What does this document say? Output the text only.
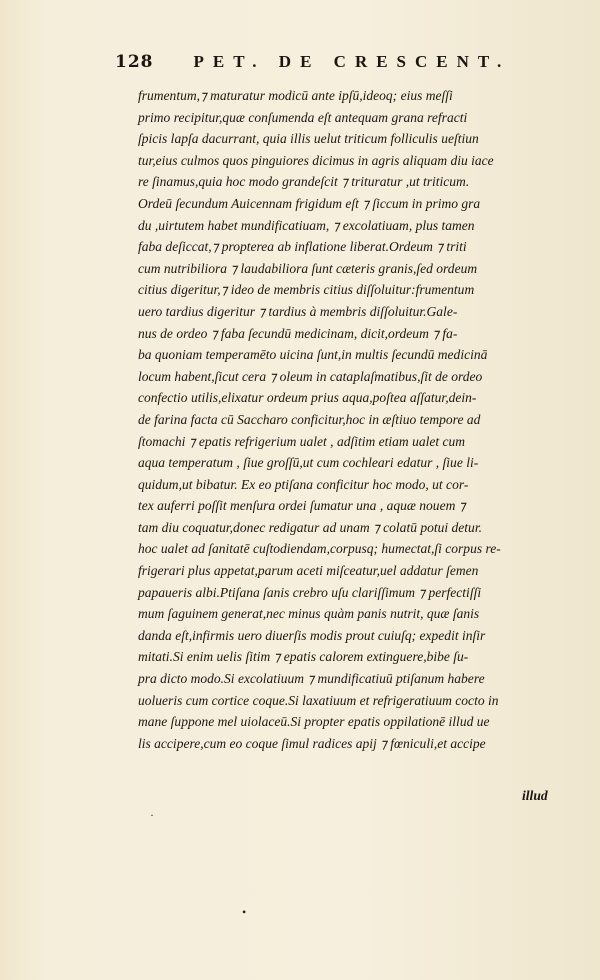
128 PET. DE CRESCENT.
frumentum,⁊ maturatur modicū ante ipſū,ideoq; eius meſſi
primo recipitur,quæ conſumenda eſt antequam grana refracti
ſpicis lapſa dacurrant, quia illis uelut triticum folliculis ueſtiun
tur,eius culmos quos pinguiores dicimus in agris aliquam diu iace
re ſinamus,quia hoc modo grandeſcit ⁊ trituratur ,ut triticum.
Ordeū ſecundum Auicennam frigidum eſt ⁊ ſiccum in primo gra
du ,uirtutem habet mundificatiuam, ⁊ excolatiuam, plus tamen
faba deſiccat,⁊ propterea ab inflatione liberat.Ordeum ⁊ triti
cum nutribiliora ⁊ laudabiliora ſunt cæteris granis,ſed ordeum
citius digeritur,⁊ ideo de membris citius diſſoluitur:frumentum
uero tardius digeritur ⁊ tardius à membris diſſoluitur.Gale-
nus de ordeo ⁊ faba ſecundū medicinam, dicit,ordeum ⁊ fa-
ba quoniam temperamēto uicina ſunt,in multis ſecundū medicinā
locum habent,ſicut cera ⁊ oleum in cataplaſmatibus,ſit de ordeo
confectio utilis,elixatur ordeum prius aqua,poſtea aſſatur,dein-
de farina facta cū Saccharo conficitur,hoc in æſtiuo tempore ad
ſtomachi ⁊ epatis refrigerium ualet , adſitim etiam ualet cum
aqua temperatum , ſiue groſſū,ut cum cochleari edatur , ſiue li-
quidum,ut bibatur. Ex eo ptiſana conficitur hoc modo, ut cor-
tex auferri poſſit menſura ordei ſumatur una , aquæ nouem ⁊
tam diu coquatur,donec redigatur ad unam ⁊ colatū potui detur.
hoc ualet ad ſanitatē cuſtodiendam,corpusq; humectat,ſi corpus re-
frigerari plus appetat,parum aceti miſceatur,uel addatur ſemen
papaueris albi.Ptiſana ſanis crebro uſu clariſſimum ⁊ perfectiſſi
mum ſaguinem generat,nec minus quàm panis nutrit, quæ ſanis
danda eſt,infirmis uero diuerſis modis prout cuiuſq; expedit inſir
mitati.Si enim uelis ſitim ⁊ epatis calorem extinguere,bibe ſu-
pra dicto modo.Si excolatiuum ⁊ mundificatiuū ptiſanum habere
uolueris cum cortice coque.Si laxatiuum et refrigeratiuum cocto in
mane ſuppone mel uiolaceū.Si propter epatis oppilationē illud ue
lis accipere,cum eo coque ſimul radices apij ⁊ fœniculi,et accipe
illud
·
•
